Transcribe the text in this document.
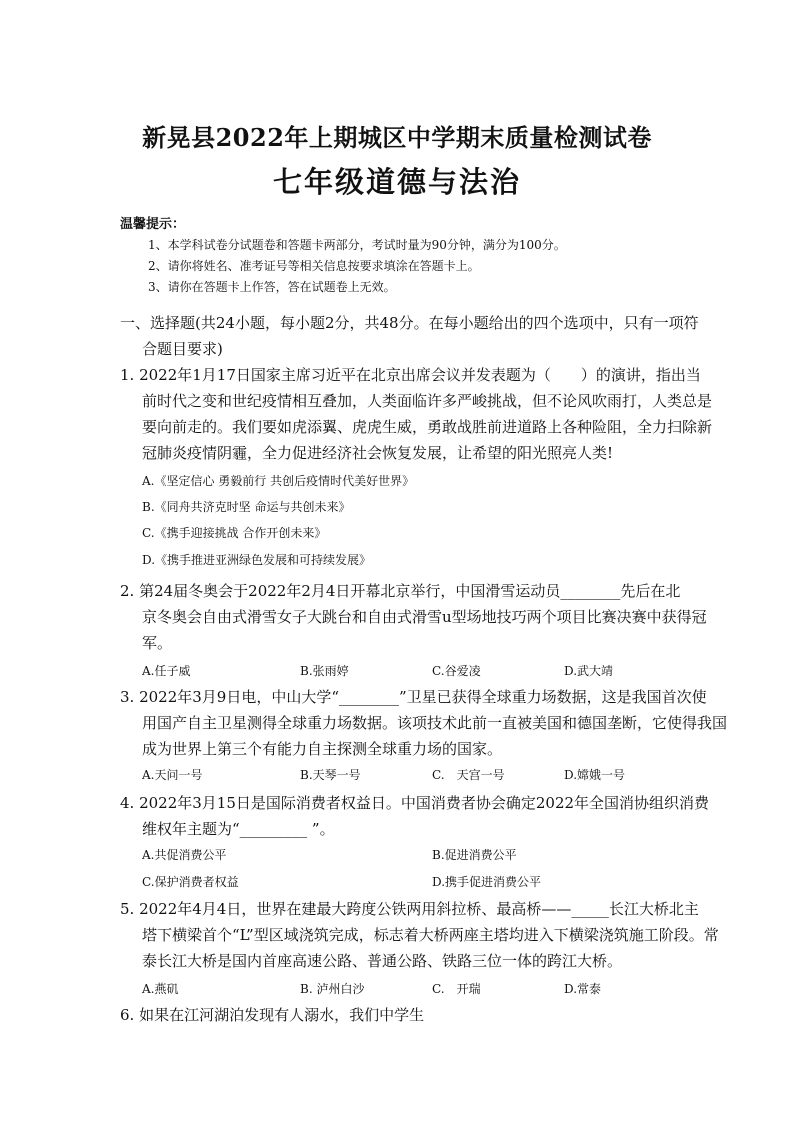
新晃县2022年上期城区中学期末质量检测试卷
七年级道德与法治
温馨提示：
1、本学科试卷分试题卷和答题卡两部分，考试时量为90分钟，满分为100分。
2、请你将姓名、准考证号等相关信息按要求填涂在答题卡上。
3、请你在答题卡上作答，答在试题卷上无效。
一、选择题(共24小题，每小题2分，共48分。在每小题给出的四个选项中，只有一项符
合题目要求)
1. 2022年1月17日国家主席习近平在北京出席会议并发表题为（　　）的演讲，指出当
前时代之变和世纪疫情相互叠加，人类面临许多严峻挑战，但不论风吹雨打，人类总是
要向前走的。我们要如虎添翼、虎虎生威，勇敢战胜前进道路上各种险阻，全力扫除新
冠肺炎疫情阴霾，全力促进经济社会恢复发展，让希望的阳光照亮人类!
A.《坚定信心 勇毅前行 共创后疫情时代美好世界》
B.《同舟共济克时坚 命运与共创未来》
C.《携手迎接挑战 合作开创未来》
D.《携手推进亚洲绿色发展和可持续发展》
2. 第24届冬奥会于2022年2月4日开幕北京举行，中国滑雪运动员________先后在北
京冬奥会自由式滑雪女子大跳台和自由式滑雪u型场地技巧两个项目比赛决赛中获得冠
军。
A.任子威	B.张雨婷	C.谷爱凌	D.武大靖
3. 2022年3月9日电，中山大学“________”卫星已获得全球重力场数据，这是我国首次使
用国产自主卫星测得全球重力场数据。该项技术此前一直被美国和德国垄断，它使得我国
成为世界上第三个有能力自主探测全球重力场的国家。
A.天问一号	B.天琴一号	C.　天宫一号	D.嫦娥一号
4. 2022年3月15日是国际消费者权益日。中国消费者协会确定2022年全国消协组织消费
维权年主题为“_________ ”。
A.共促消费公平	B.促进消费公平
C.保护消费者权益	D.携手促进消费公平
5. 2022年4月4日，世界在建最大跨度公铁两用斜拉桥、最高桥——_____长江大桥北主
塔下横梁首个“L”型区域浇筑完成，标志着大桥两座主塔均进入下横梁浇筑施工阶段。常
泰长江大桥是国内首座高速公路、普通公路、铁路三位一体的跨江大桥。
A.燕矶	B. 泸州白沙	C.　开瑞	D.常泰
6. 如果在江河湖泊发现有人溺水，我们中学生
